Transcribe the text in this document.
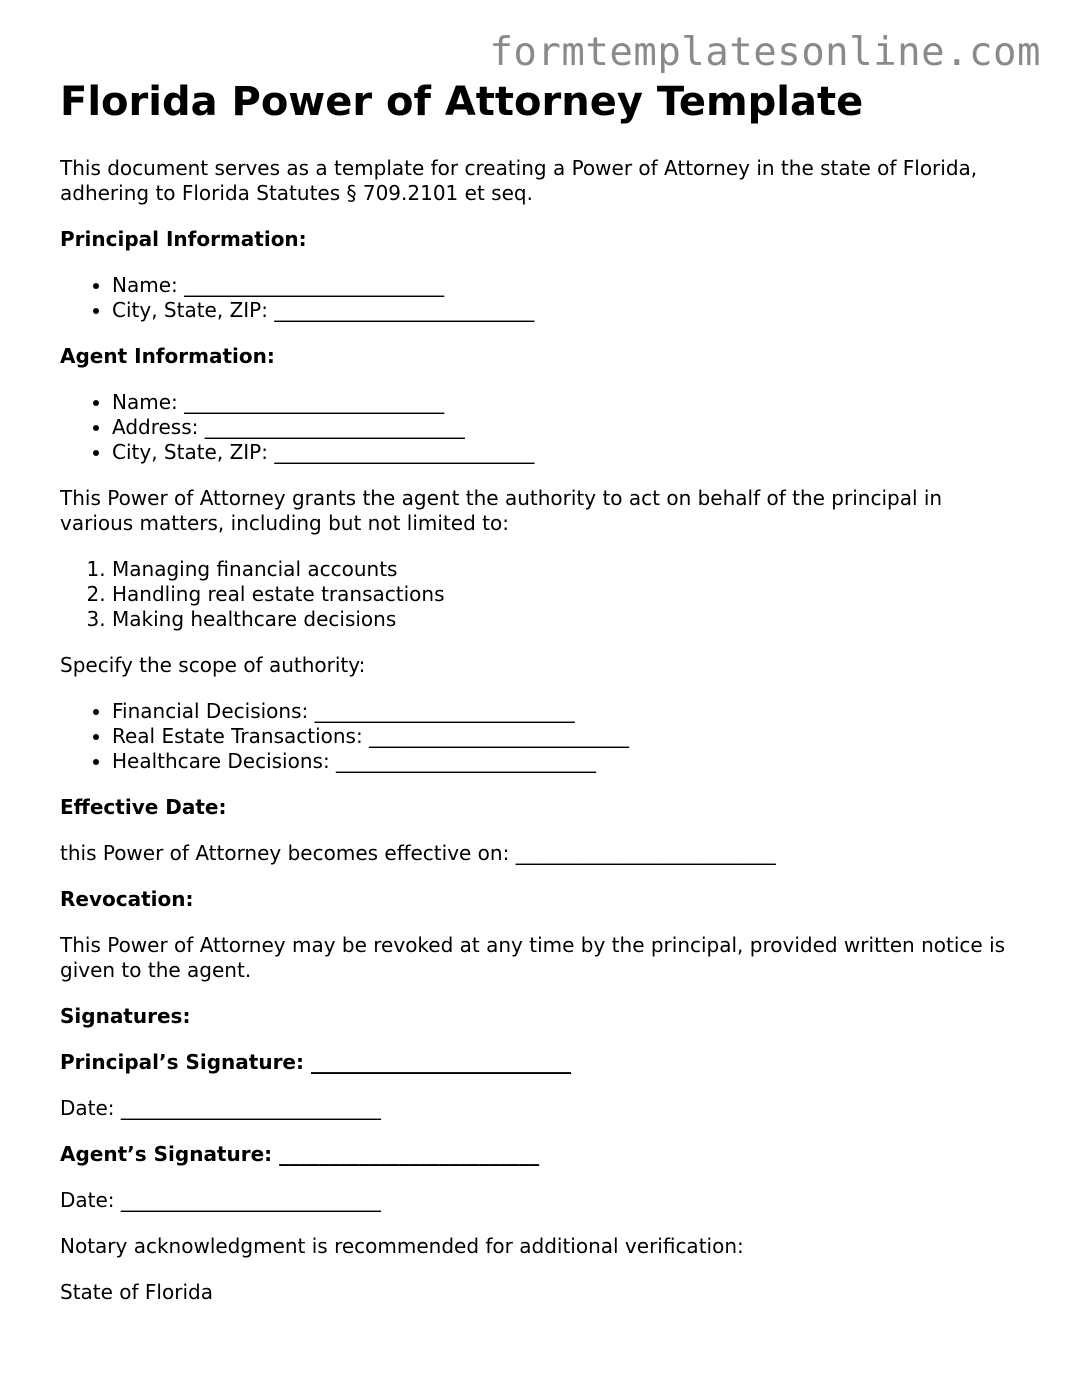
formtemplatesonline.com
Florida Power of Attorney Template

This document serves as a template for creating a Power of Attorney in the state of Florida, adhering to Florida Statutes § 709.2101 et seq.

Principal Information:

• Name: __________________________
• City, State, ZIP: __________________________

Agent Information:

• Name: __________________________
• Address: __________________________
• City, State, ZIP: __________________________

This Power of Attorney grants the agent the authority to act on behalf of the principal in various matters, including but not limited to:

1. Managing financial accounts
2. Handling real estate transactions
3. Making healthcare decisions

Specify the scope of authority:

• Financial Decisions: __________________________
• Real Estate Transactions: __________________________
• Healthcare Decisions: __________________________

Effective Date:

this Power of Attorney becomes effective on: __________________________

Revocation:

This Power of Attorney may be revoked at any time by the principal, provided written notice is given to the agent.

Signatures:

Principal’s Signature: __________________________

Date: __________________________

Agent’s Signature: __________________________

Date: __________________________

Notary acknowledgment is recommended for additional verification:

State of Florida
